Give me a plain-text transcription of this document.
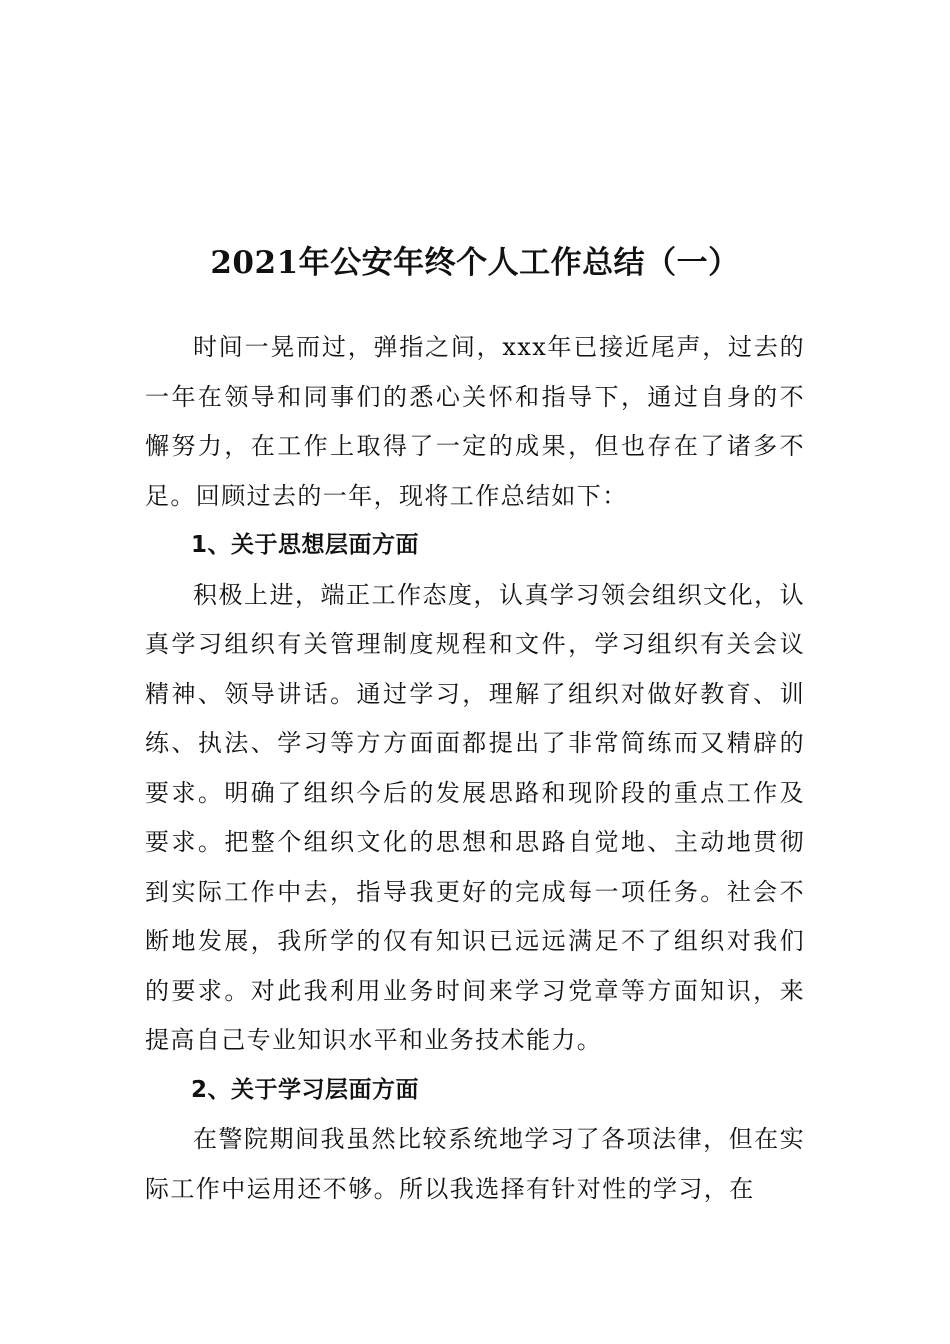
2021年公安年终个人工作总结（一）

时间一晃而过，弹指之间，xxx年已接近尾声，过去的一年在领导和同事们的悉心关怀和指导下，通过自身的不懈努力，在工作上取得了一定的成果，但也存在了诸多不足。回顾过去的一年，现将工作总结如下：

1、关于思想层面方面

积极上进，端正工作态度，认真学习领会组织文化，认真学习组织有关管理制度规程和文件，学习组织有关会议精神、领导讲话。通过学习，理解了组织对做好教育、训练、执法、学习等方方面面都提出了非常简练而又精辟的要求。明确了组织今后的发展思路和现阶段的重点工作及要求。把整个组织文化的思想和思路自觉地、主动地贯彻到实际工作中去，指导我更好的完成每一项任务。社会不断地发展，我所学的仅有知识已远远满足不了组织对我们的要求。对此我利用业务时间来学习党章等方面知识，来提高自己专业知识水平和业务技术能力。

2、关于学习层面方面

在警院期间我虽然比较系统地学习了各项法律，但在实际工作中运用还不够。所以我选择有针对性的学习，在
